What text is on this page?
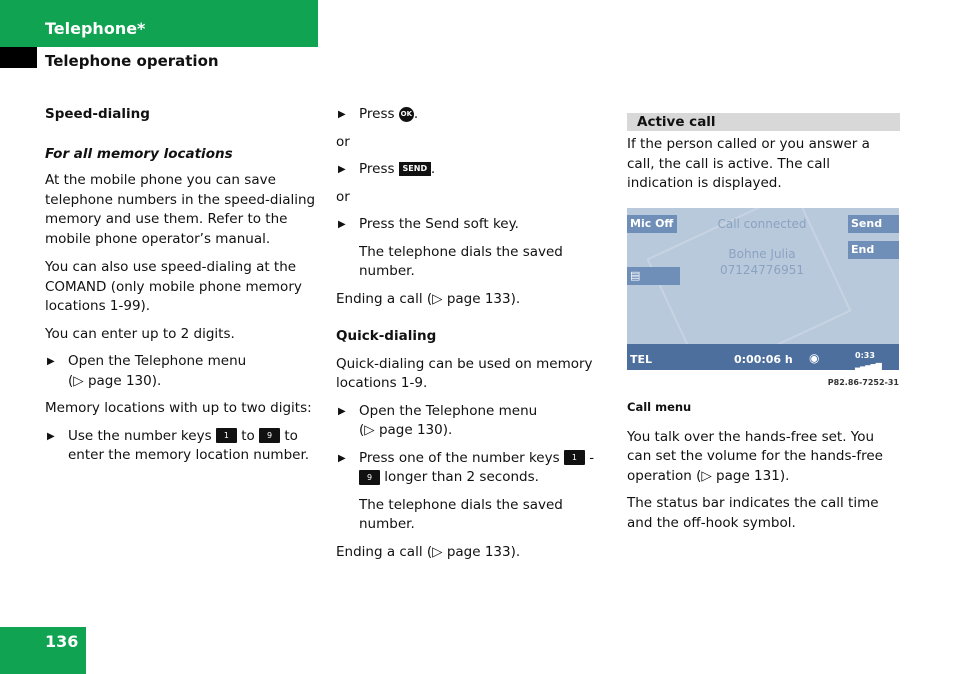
Telephone*
Telephone operation

Speed-dialing

For all memory locations

At the mobile phone you can save telephone numbers in the speed-dialing memory and use them. Refer to the mobile phone operator’s manual.

You can also use speed-dialing at the COMAND (only mobile phone memory locations 1-99).

You can enter up to 2 digits.

▶ Open the Telephone menu
(▷ page 130).

Memory locations with up to two digits:

▶ Use the number keys 1 to 9 to enter the memory location number.
▶ Press OK .

or

▶ Press SEND .

or

▶ Press the Send soft key.

The telephone dials the saved number.

Ending a call (▷ page 133).

Quick-dialing

Quick-dialing can be used on memory locations 1-9.

▶ Open the Telephone menu
(▷ page 130).
▶ Press one of the number keys 1 - 9 longer than 2 seconds.

The telephone dials the saved number.

Ending a call (▷ page 133).

Active call

If the person called or you answer a call, the call is active. The call indication is displayed.

Mic Off	Send
End
▤
Call connected
Bohne Julia
07124776951
TEL	0:00:06 h ◉	0:33
▂▃▄▅▆
P82.86-7252-31

Call menu

You talk over the hands-free set. You can set the volume for the hands-free operation (▷ page 131).

The status bar indicates the call time and the off-hook symbol.

136
